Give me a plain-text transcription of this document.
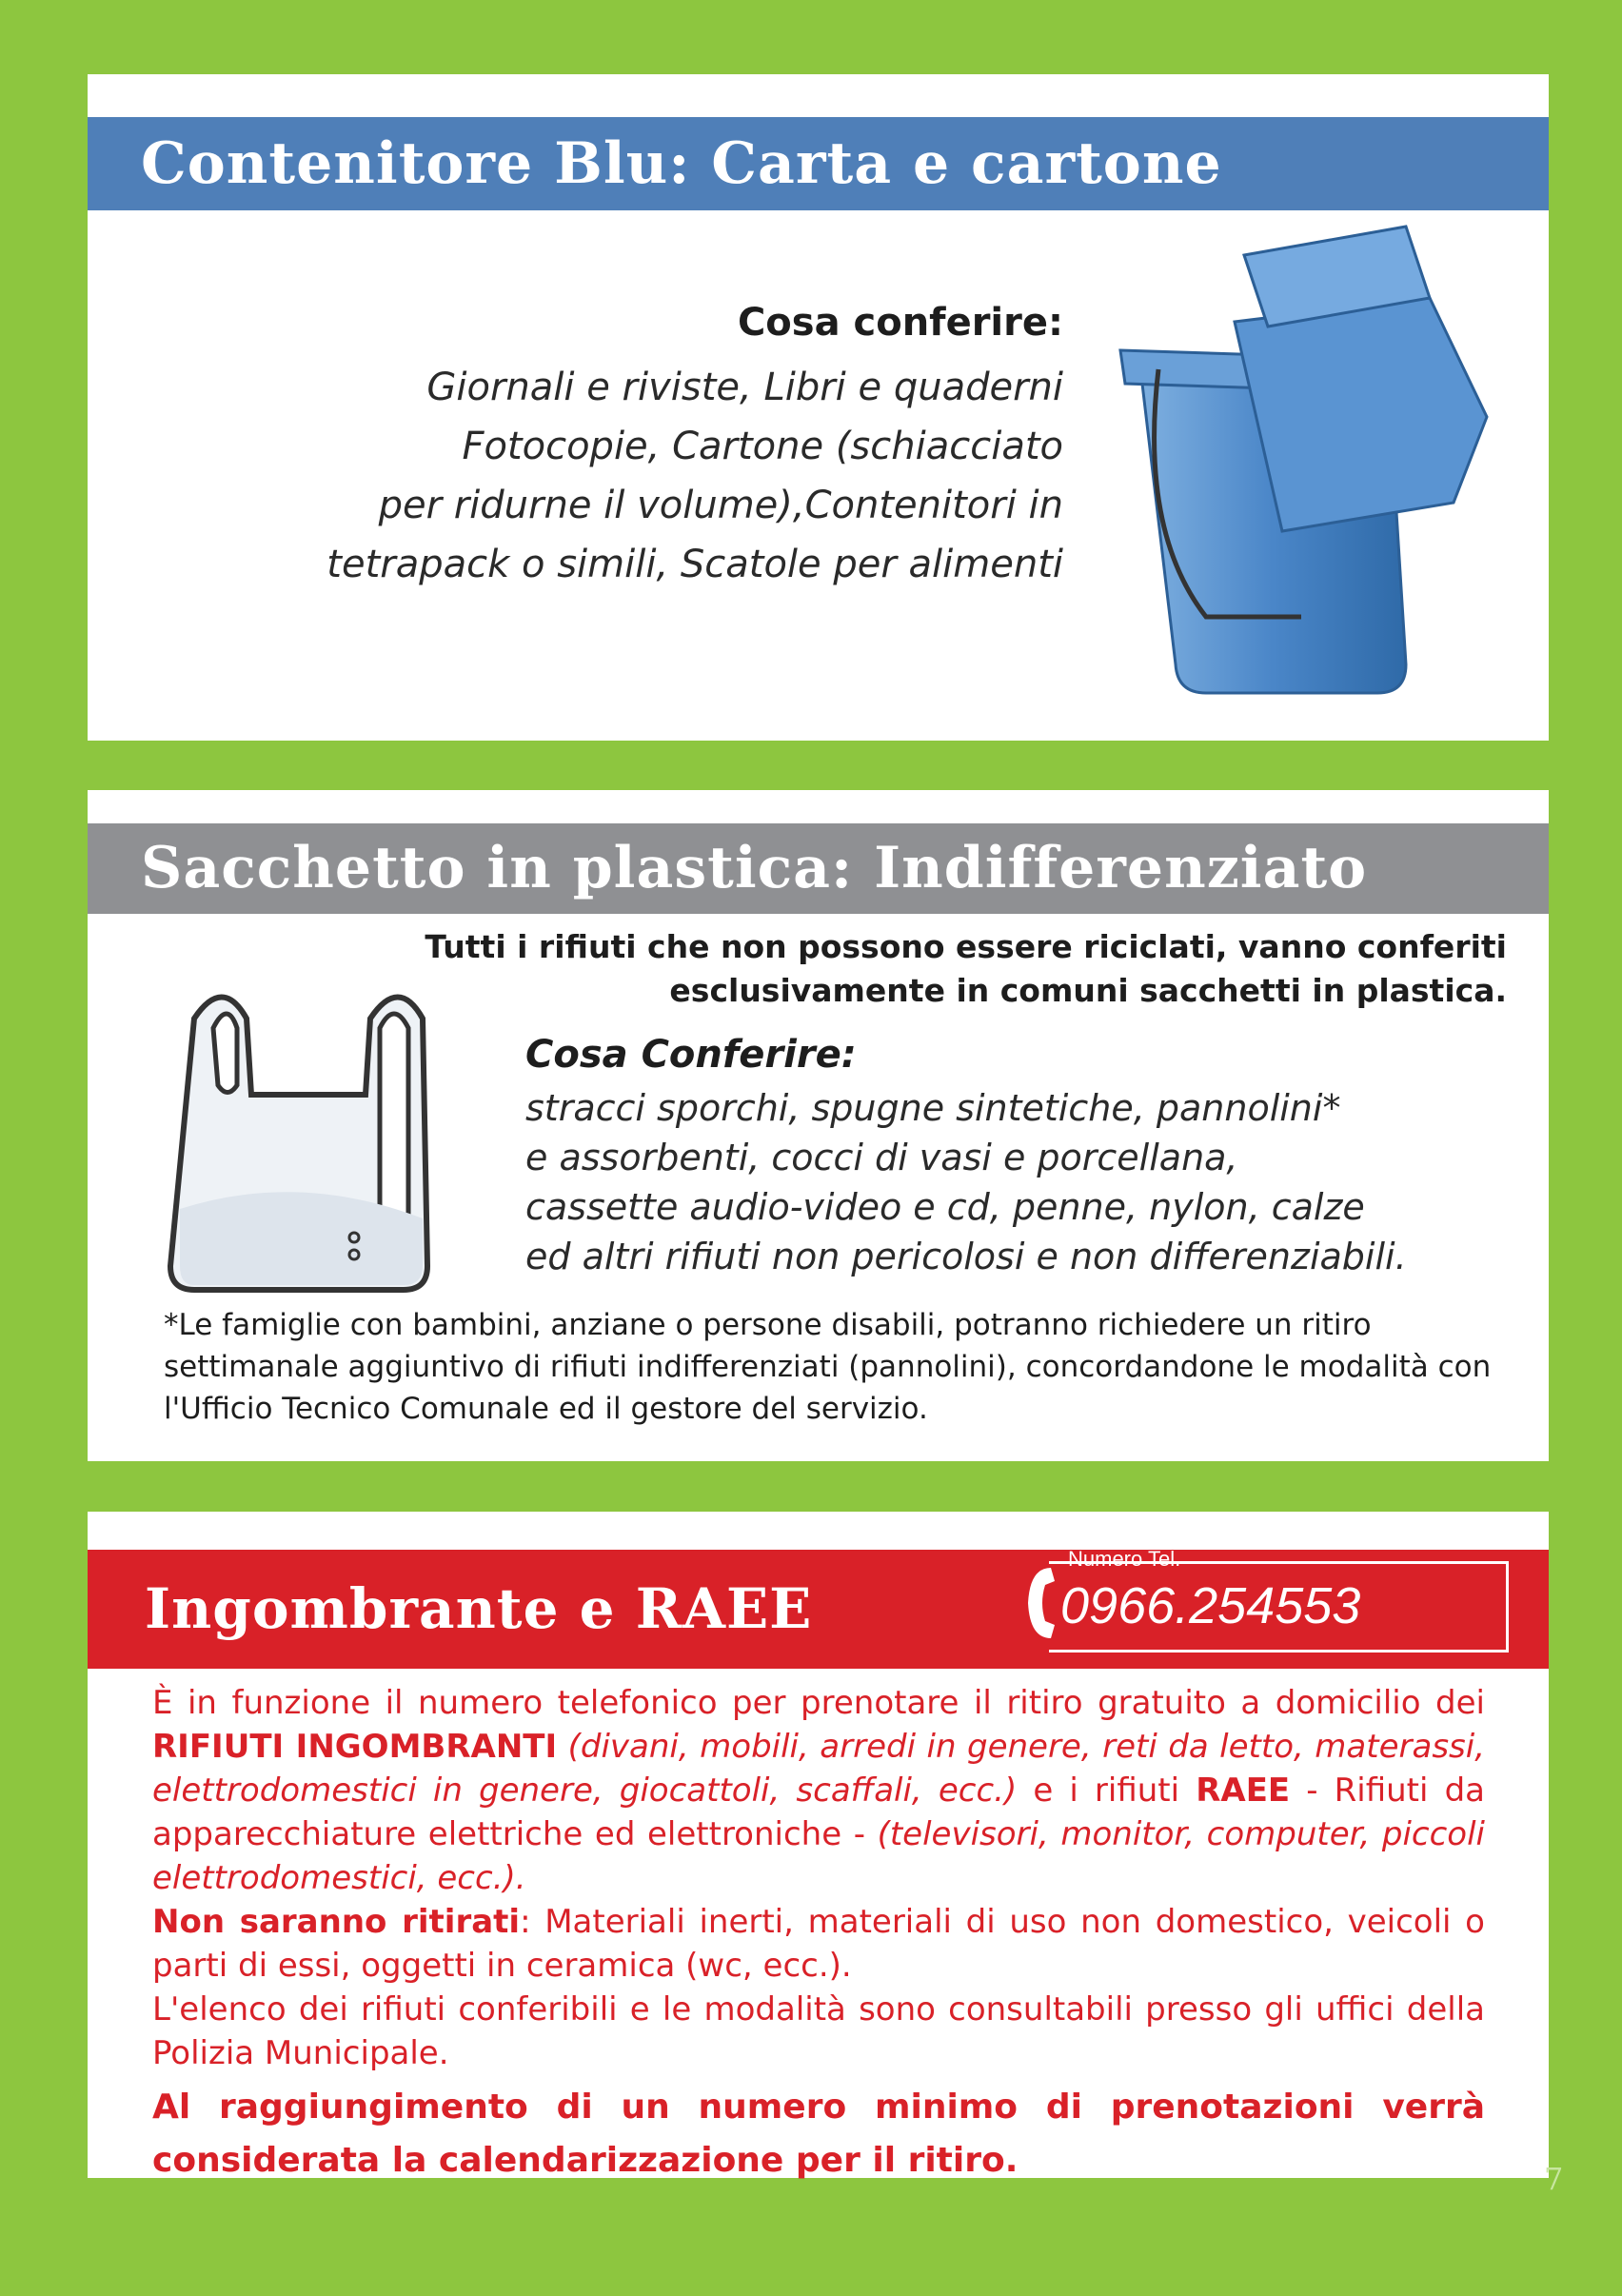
Contenitore Blu: Carta e cartone
Cosa conferire:
Giornali e riviste, Libri e quaderni
Fotocopie, Cartone (schiacciato
per ridurne il volume),Contenitori in
tetrapack o simili, Scatole per alimenti
Sacchetto in plastica: Indifferenziato
Tutti i rifiuti che non possono essere riciclati, vanno conferiti
esclusivamente in comuni sacchetti in plastica.
Cosa Conferire:
stracci sporchi, spugne sintetiche, pannolini*
e assorbenti, cocci di vasi e porcellana,
cassette audio-video e cd, penne, nylon, calze
ed altri rifiuti non pericolosi e non differenziabili.
*Le famiglie con bambini, anziane o persone disabili, potranno richiedere un ritiro settimanale aggiuntivo di rifiuti indifferenziati (pannolini), concordandone le modalità con l'Ufficio Tecnico Comunale ed il gestore del servizio.
Ingombrante e RAEE
Numero Tel.
0966.254553

È in funzione il numero telefonico per prenotare il ritiro gratuito a domicilio dei RIFIUTI INGOMBRANTI (divani, mobili, arredi in genere, reti da letto, materassi, elettrodomestici in genere, giocattoli, scaffali, ecc.) e i rifiuti RAEE - Rifiuti da apparecchiature elettriche ed elettroniche - (televisori, monitor, computer, piccoli elettrodomestici, ecc.).

Non saranno ritirati: Materiali inerti, materiali di uso non domestico, veicoli o parti di essi, oggetti in ceramica (wc, ecc.).

L'elenco dei rifiuti conferibili e le modalità sono consultabili presso gli uffici della Polizia Municipale.

Al raggiungimento di un numero minimo di prenotazioni verrà considerata la calendarizzazione per il ritiro.	7
